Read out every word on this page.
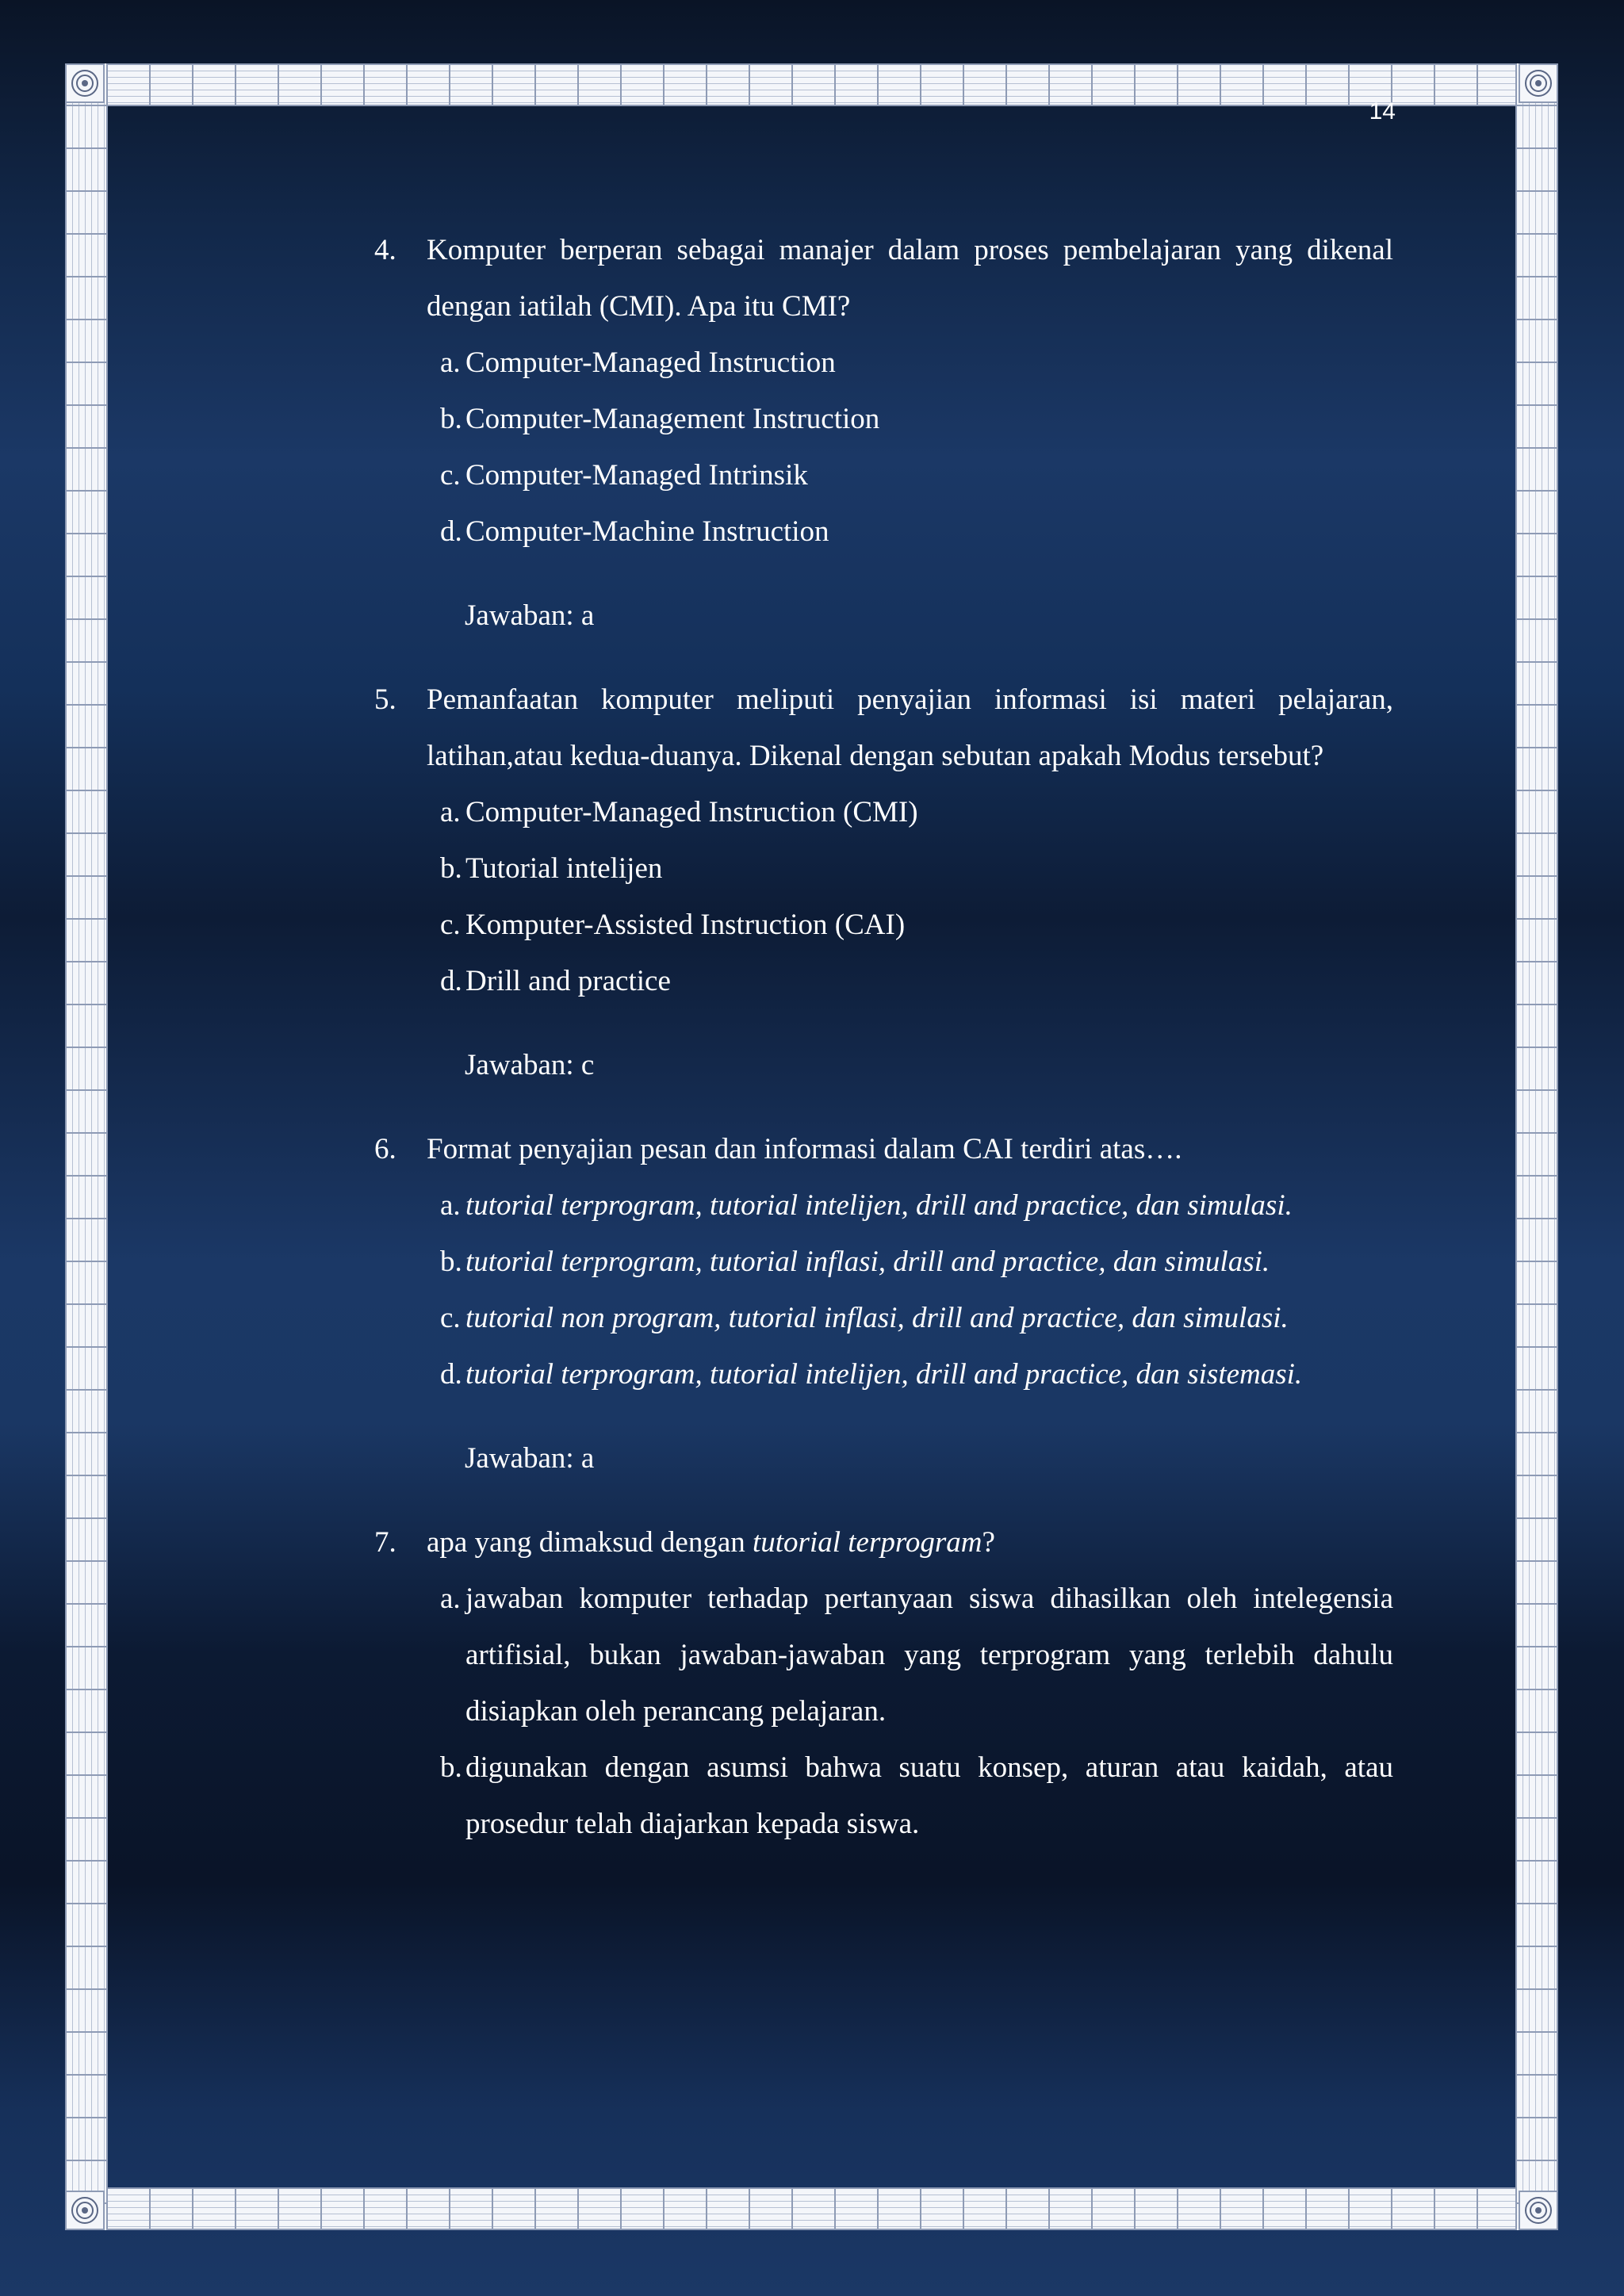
14
4.	Komputer berperan sebagai manajer dalam proses pembelajaran yang dikenal dengan iatilah (CMI). Apa itu CMI?
a. Computer-Managed Instruction
b. Computer-Management Instruction
c. Computer-Managed Intrinsik
d. Computer-Machine Instruction
Jawaban: a
5.	Pemanfaatan komputer meliputi penyajian informasi isi materi pelajaran, latihan,atau kedua-duanya. Dikenal dengan sebutan apakah Modus tersebut?
a. Computer-Managed Instruction (CMI)
b. Tutorial intelijen
c. Komputer-Assisted Instruction (CAI)
d. Drill and practice
Jawaban: c
6.	Format penyajian pesan dan informasi dalam CAI terdiri atas….
a. tutorial terprogram, tutorial intelijen, drill and practice, dan simulasi.
b. tutorial terprogram, tutorial inflasi, drill and practice, dan simulasi.
c. tutorial non program, tutorial inflasi, drill and practice, dan simulasi.
d. tutorial terprogram, tutorial intelijen, drill and practice, dan sistemasi.
Jawaban: a
7.	apa yang dimaksud dengan tutorial terprogram?
a. jawaban komputer terhadap pertanyaan siswa dihasilkan oleh intelegensia artifisial, bukan jawaban-jawaban yang terprogram yang terlebih dahulu disiapkan oleh perancang pelajaran.
b. digunakan dengan asumsi bahwa suatu konsep, aturan atau kaidah, atau prosedur telah diajarkan kepada siswa.
